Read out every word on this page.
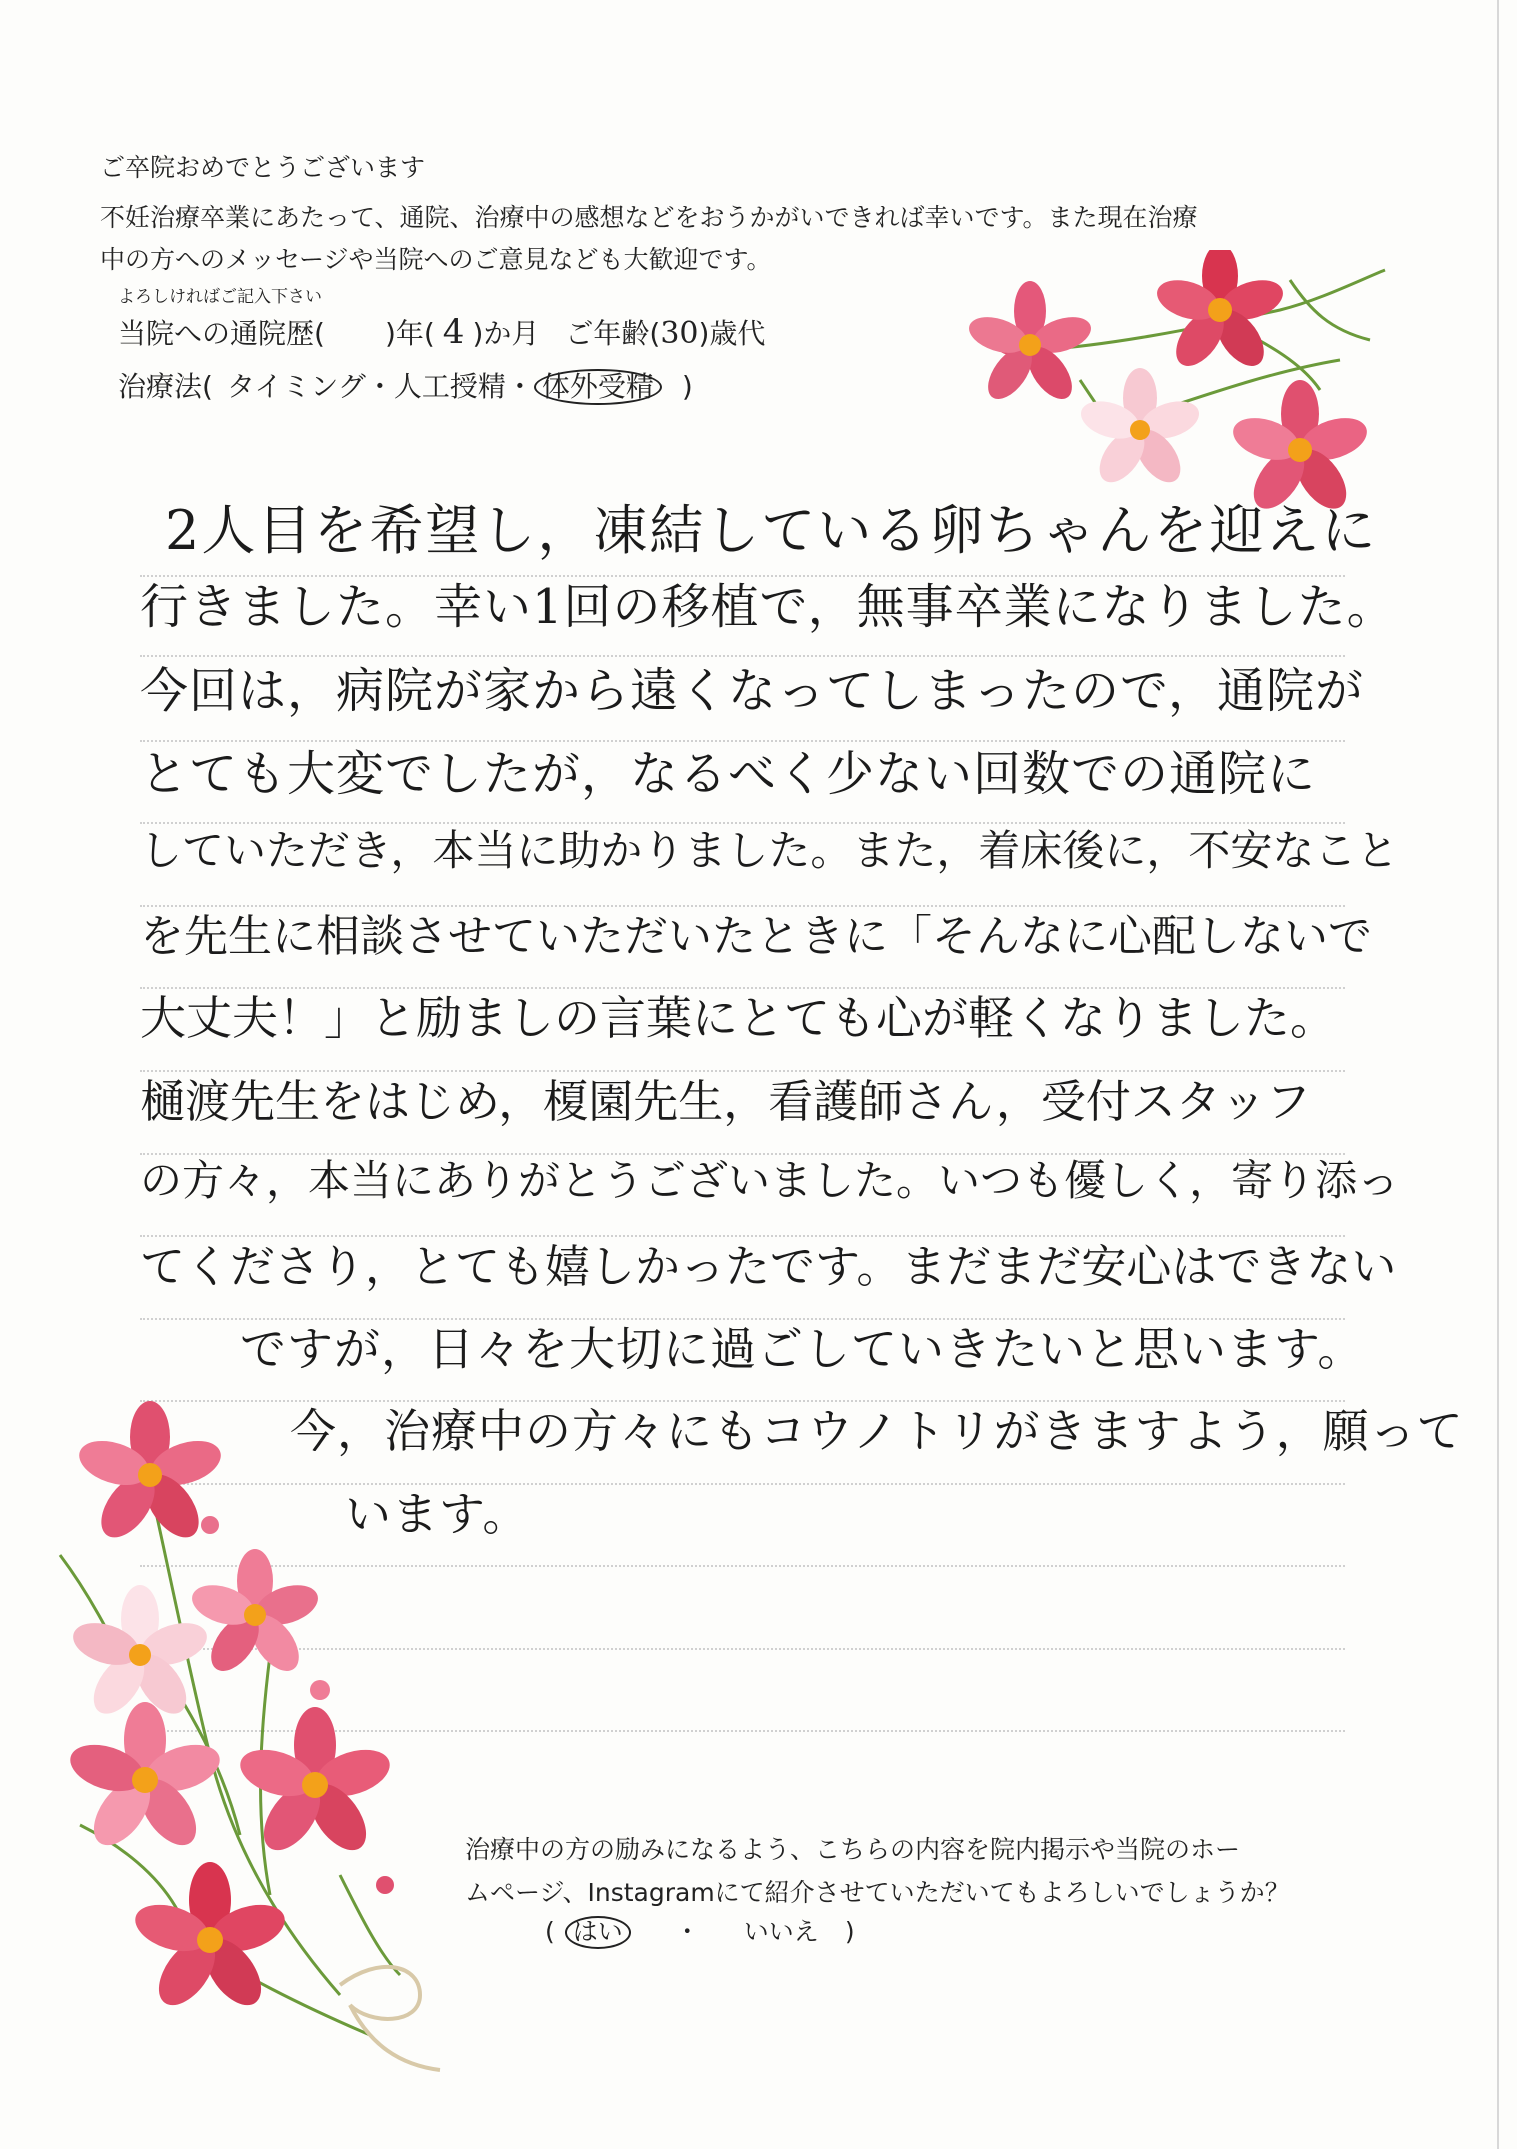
ご卒院おめでとうございます
不妊治療卒業にあたって、通院、治療中の感想などをおうかがいできれば幸いです。また現在治療
中の方へのメッセージや当院へのご意見なども大歓迎です。
よろしければご記入下さい
当院への通院歴( )年( 4 )か月 ご年齢(30)歳代
治療法( タイミング・人工授精・ 体外受精 )
2人目を希望し，凍結している卵ちゃんを迎えに
行きました。幸い1回の移植で，無事卒業になりました。
今回は，病院が家から遠くなってしまったので，通院が
とても大変でしたが，なるべく少ない回数での通院に
していただき，本当に助かりました。また，着床後に，不安なこと
を先生に相談させていただいたときに「そんなに心配しないで
大丈夫！」と励ましの言葉にとても心が軽くなりました。
樋渡先生をはじめ，榎園先生，看護師さん，受付スタッフ
の方々，本当にありがとうございました。いつも優しく，寄り添っ
てくださり，とても嬉しかったです。まだまだ安心はできない
ですが，日々を大切に過ごしていきたいと思います。
今，治療中の方々にもコウノトリがきますよう，願って
います。
治療中の方の励みになるよう、こちらの内容を院内掲示や当院のホー
ムページ、Instagramにて紹介させていただいてもよろしいでしょうか？
( はい ・ いいえ )
